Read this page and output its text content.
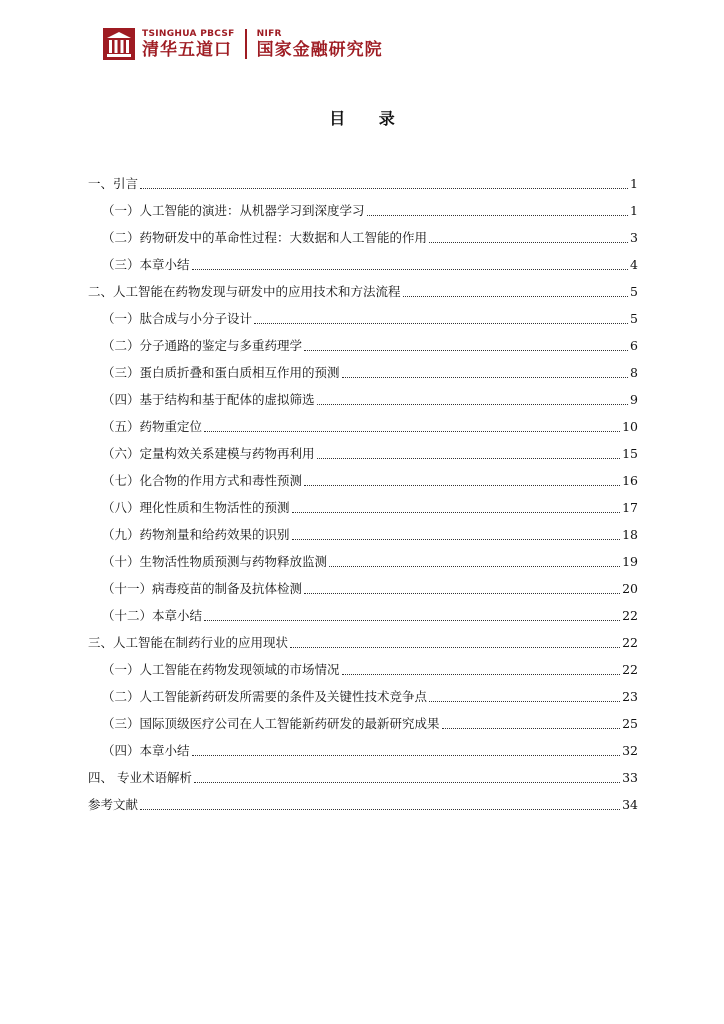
TSINGHUA PBCSF
清华五道口
NIFR
国家金融研究院
目 录
一、引言	1
（一）人工智能的演进：从机器学习到深度学习	1
（二）药物研发中的革命性过程：大数据和人工智能的作用	3
（三）本章小结	4
二、人工智能在药物发现与研发中的应用技术和方法流程	5
（一）肽合成与小分子设计	5
（二）分子通路的鉴定与多重药理学	6
（三）蛋白质折叠和蛋白质相互作用的预测	8
（四）基于结构和基于配体的虚拟筛选	9
（五）药物重定位	10
（六）定量构效关系建模与药物再利用	15
（七）化合物的作用方式和毒性预测	16
（八）理化性质和生物活性的预测	17
（九）药物剂量和给药效果的识别	18
（十）生物活性物质预测与药物释放监测	19
（十一）病毒疫苗的制备及抗体检测	20
（十二）本章小结	22
三、人工智能在制药行业的应用现状	22
（一）人工智能在药物发现领域的市场情况	22
（二）人工智能新药研发所需要的条件及关键性技术竞争点	23
（三）国际顶级医疗公司在人工智能新药研发的最新研究成果	25
（四）本章小结	32
四、 专业术语解析	33
参考文献	34
